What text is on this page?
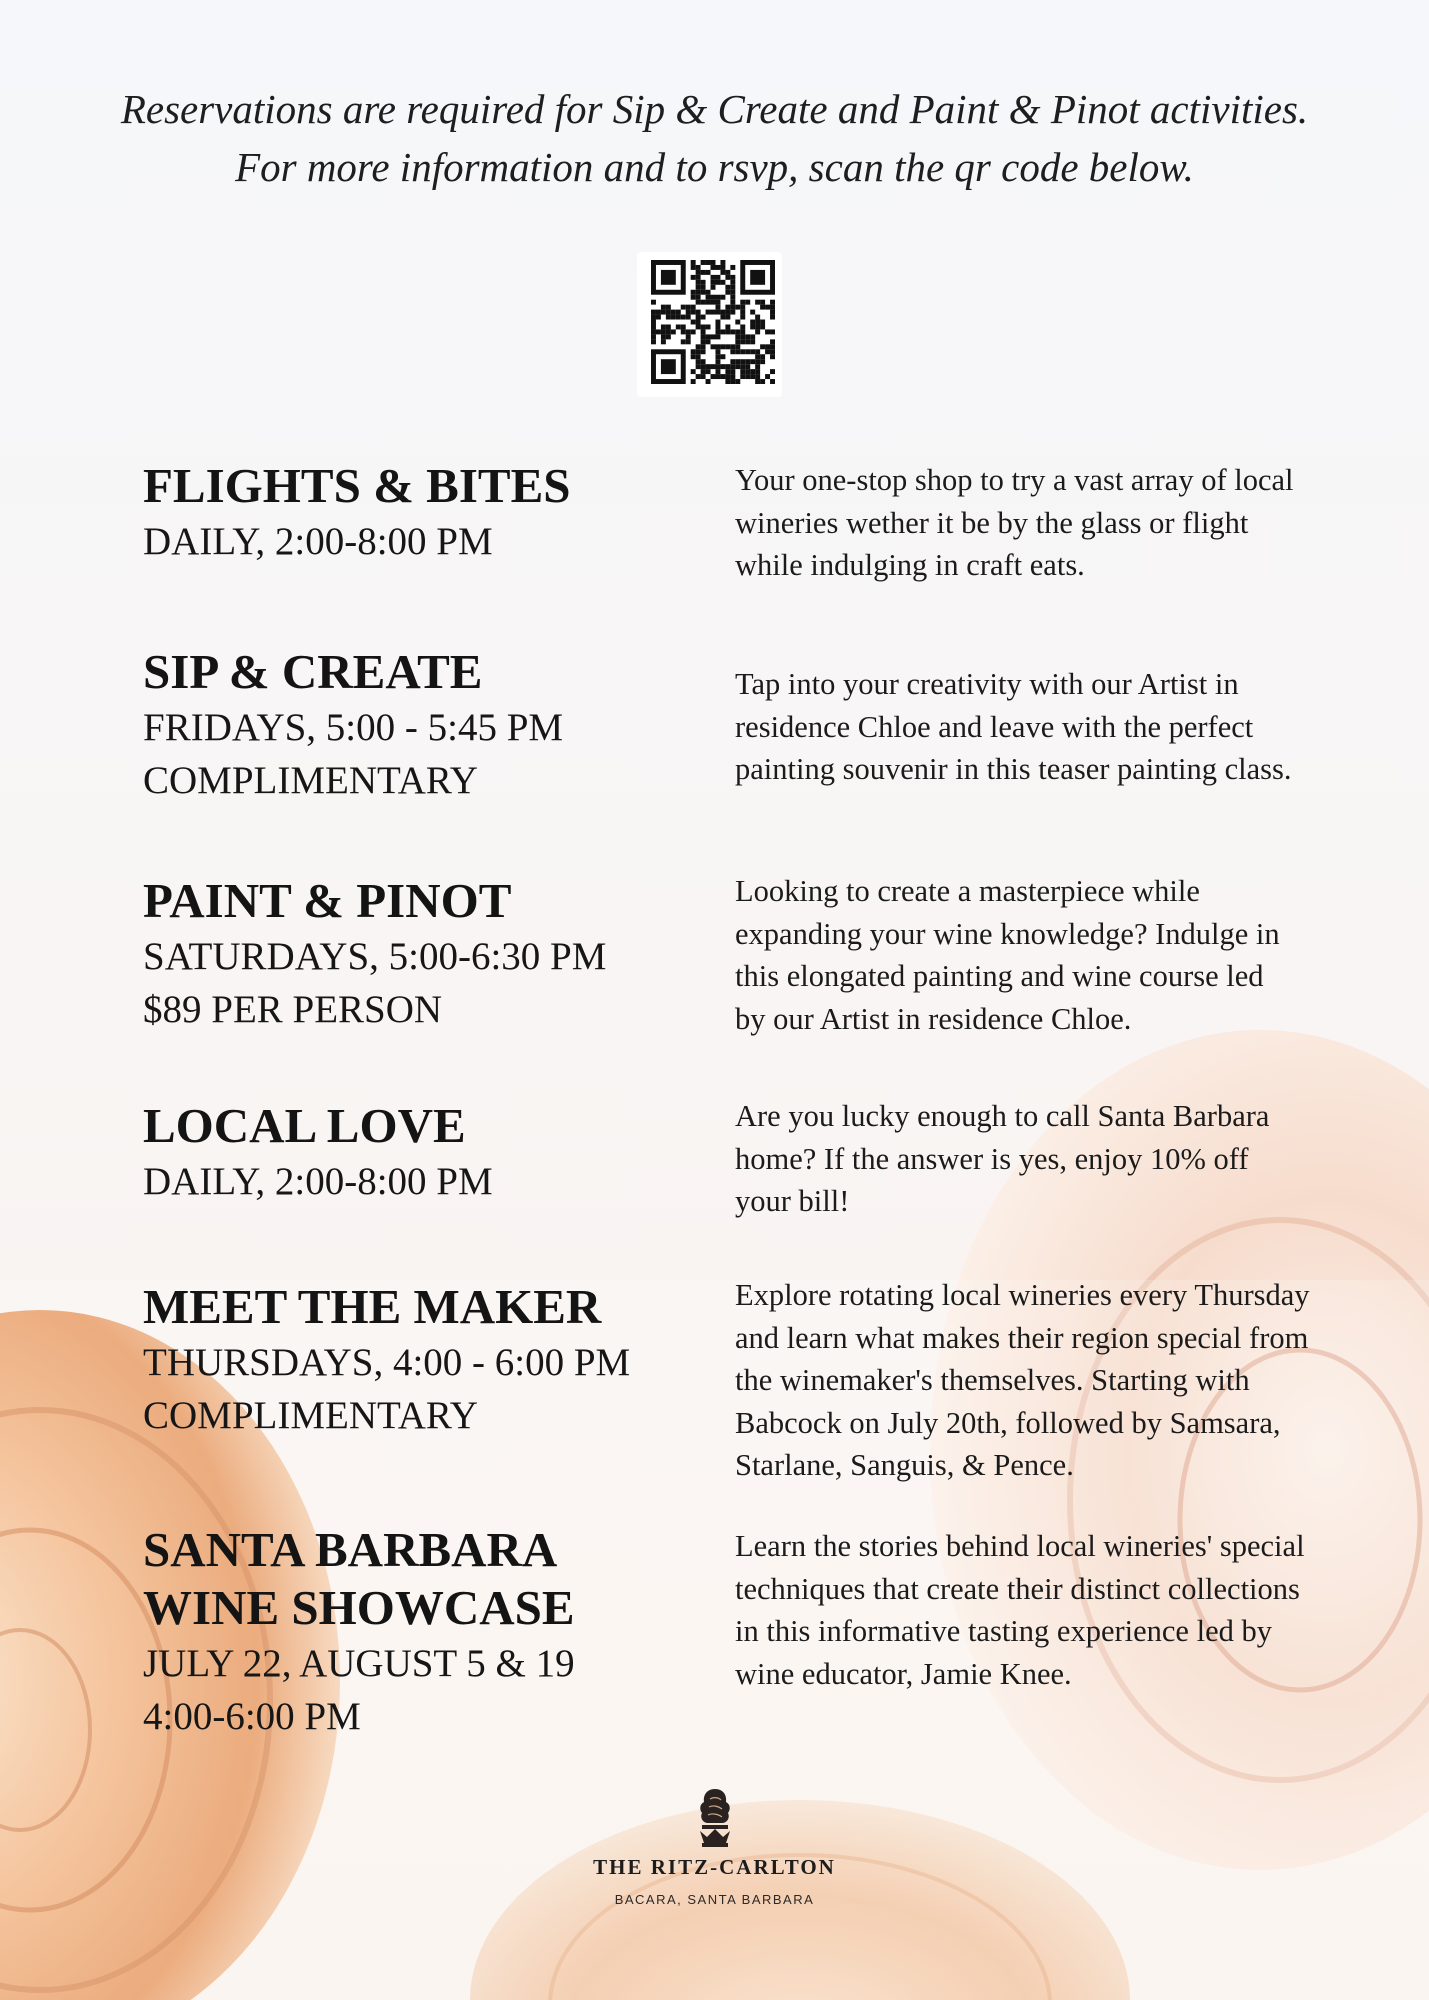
Reservations are required for Sip & Create and Paint & Pinot activities.
For more information and to rsvp, scan the qr code below.
FLIGHTS & BITES
DAILY, 2:00-8:00 PM
Your one-stop shop to try a vast array of local
wineries wether it be by the glass or flight
while indulging in craft eats.
SIP & CREATE
FRIDAYS, 5:00 - 5:45 PM
COMPLIMENTARY
Tap into your creativity with our Artist in
residence Chloe and leave with the perfect
painting souvenir in this teaser painting class.
PAINT & PINOT
SATURDAYS, 5:00-6:30 PM
$89 PER PERSON
Looking to create a masterpiece while
expanding your wine knowledge? Indulge in
this elongated painting and wine course led
by our Artist in residence Chloe.
LOCAL LOVE
DAILY, 2:00-8:00 PM
Are you lucky enough to call Santa Barbara
home? If the answer is yes, enjoy 10% off
your bill!
MEET THE MAKER
THURSDAYS, 4:00 - 6:00 PM
COMPLIMENTARY
Explore rotating local wineries every Thursday
and learn what makes their region special from
the winemaker's themselves. Starting with
Babcock on July 20th, followed by Samsara,
Starlane, Sanguis, & Pence.
SANTA BARBARA
WINE SHOWCASE
JULY 22, AUGUST 5 & 19
4:00-6:00 PM
Learn the stories behind local wineries' special
techniques that create their distinct collections
in this informative tasting experience led by
wine educator, Jamie Knee.
THE RITZ-CARLTON
BACARA, SANTA BARBARA
